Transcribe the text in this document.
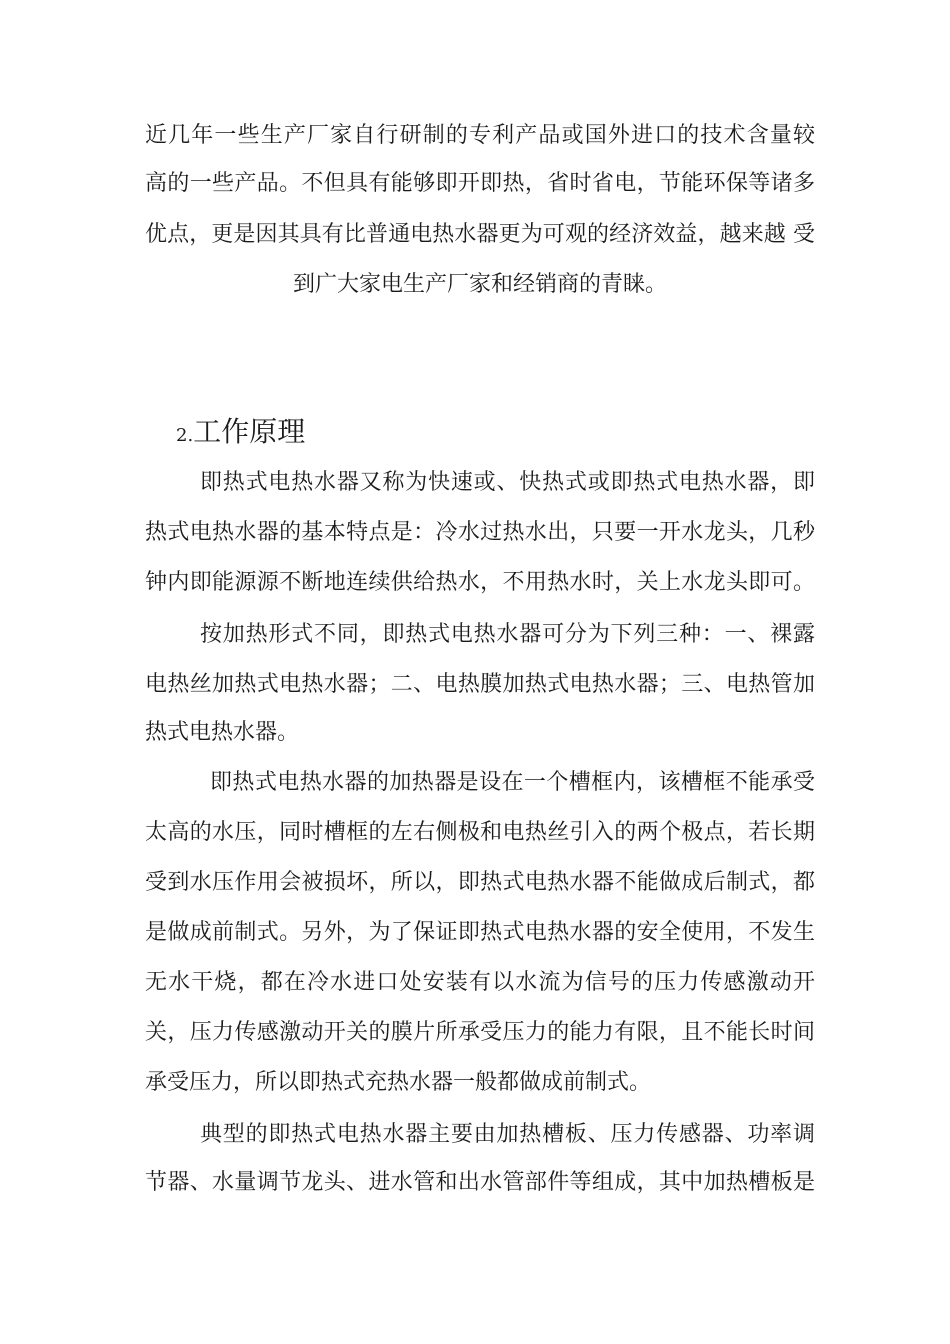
近几年一些生产厂家自行研制的专利产品或国外进口的技术含量较
高的一些产品。不但具有能够即开即热，省时省电，节能环保等诸多
优点，更是因其具有比普通电热水器更为可观的经济效益，越来越 受
到广大家电生产厂家和经销商的青睐。
2.工作原理
即热式电热水器又称为快速或、快热式或即热式电热水器，即
热式电热水器的基本特点是：冷水过热水出，只要一开水龙头，几秒
钟内即能源源不断地连续供给热水，不用热水时，关上水龙头即可。
按加热形式不同，即热式电热水器可分为下列三种：一、裸露
电热丝加热式电热水器；二、电热膜加热式电热水器；三、电热管加
热式电热水器。
即热式电热水器的加热器是设在一个槽框内，该槽框不能承受
太高的水压，同时槽框的左右侧极和电热丝引入的两个极点，若长期
受到水压作用会被损坏，所以，即热式电热水器不能做成后制式，都
是做成前制式。另外，为了保证即热式电热水器的安全使用，不发生
无水干烧，都在冷水进口处安装有以水流为信号的压力传感激动开
关，压力传感激动开关的膜片所承受压力的能力有限，且不能长时间
承受压力，所以即热式充热水器一般都做成前制式。
典型的即热式电热水器主要由加热槽板、压力传感器、功率调
节器、水量调节龙头、进水管和出水管部件等组成，其中加热槽板是
